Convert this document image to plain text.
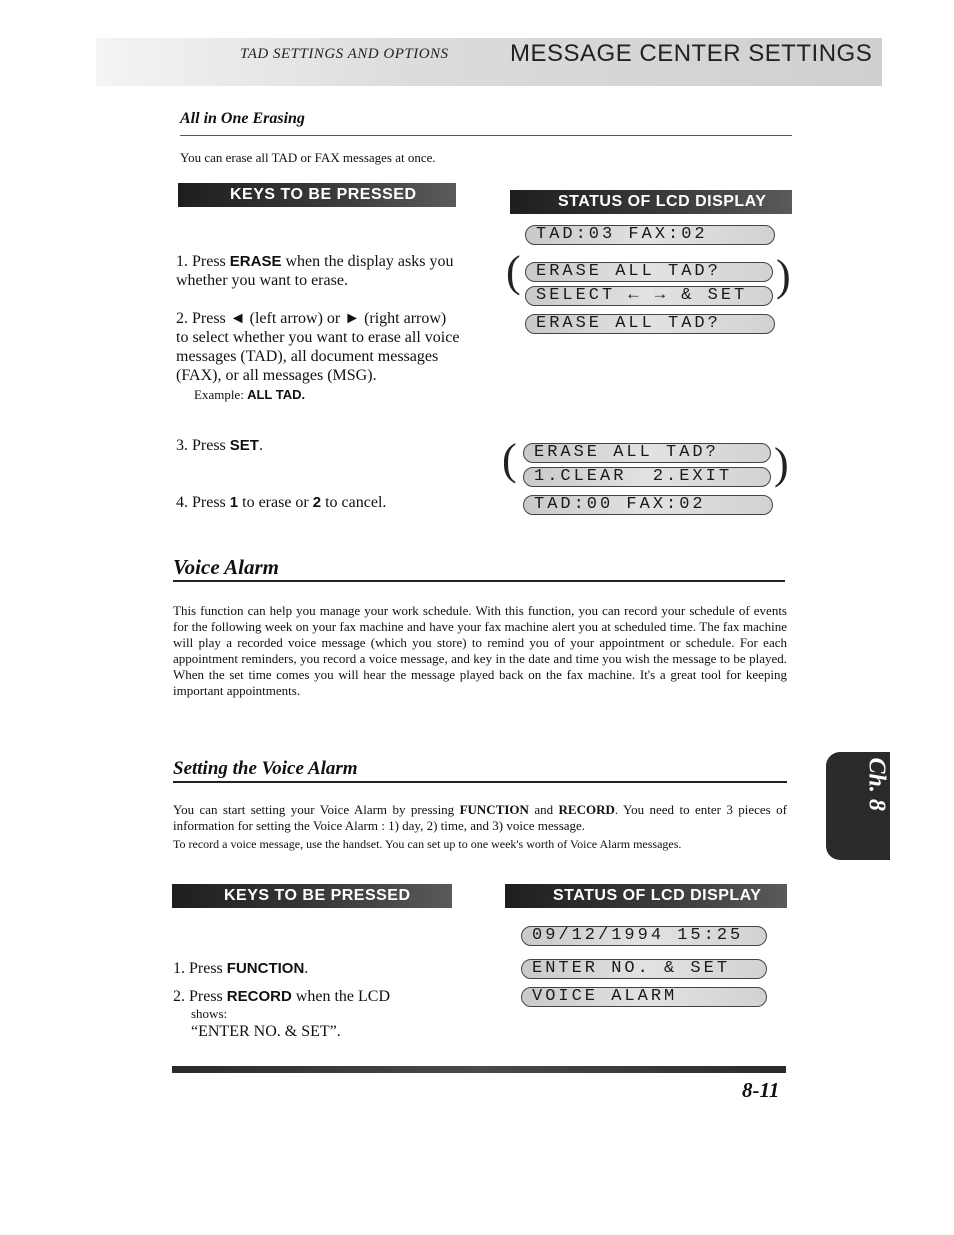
TAD SETTINGS AND OPTIONS	MESSAGE CENTER SETTINGS
All in One Erasing
You can erase all TAD or FAX messages at once.
KEYS TO BE PRESSED	STATUS OF LCD DISPLAY
1. Press ERASE when the display asks you whether you want to erase.
2. Press ◄ (left arrow) or ► (right arrow) to select whether you want to erase all voice messages (TAD), all document messages (FAX), or all messages (MSG).
Example: ALL TAD.
3. Press SET.
4. Press 1 to erase or 2 to cancel.
TAD:03 FAX:02
( ERASE ALL TAD?
SELECT ← → & SET )
ERASE ALL TAD?
(	ERASE ALL TAD?
1.CLEAR  2.EXIT )
TAD:00 FAX:02
Voice Alarm
This function can help you manage your work schedule. With this function, you can record your schedule of events for the following week on your fax machine and have your fax machine alert you at scheduled time. The fax machine will play a recorded voice message (which you store) to remind you of your appointment or schedule. For each appointment reminders, you record a voice message, and key in the date and time you wish the message to be played. When the set time comes you will hear the message played back on the fax machine. It's a great tool for keeping important appointments.
Setting the Voice Alarm
You can start setting your Voice Alarm by pressing FUNCTION and RECORD. You need to enter 3 pieces of information for setting the Voice Alarm : 1) day, 2) time, and 3) voice message.
To record a voice message, use the handset. You can set up to one week's worth of Voice Alarm messages.
KEYS TO BE PRESSED	STATUS OF LCD DISPLAY
1. Press FUNCTION.
2. Press RECORD when the LCD
shows:
“ENTER NO. & SET”.
09/12/1994 15:25
ENTER NO. & SET
VOICE ALARM
Ch. 8
8-11
